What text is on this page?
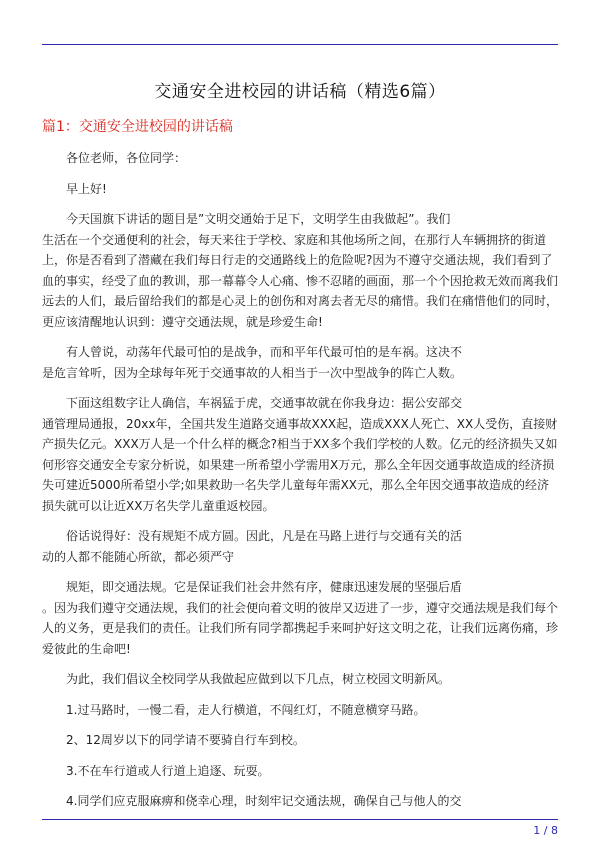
交通安全进校园的讲话稿（精选6篇）
篇1：交通安全进校园的讲话稿

各位老师，各位同学：

早上好!

今天国旗下讲话的题目是”文明交通始于足下，文明学生由我做起”。我们
生活在一个交通便利的社会，每天来往于学校、家庭和其他场所之间，在那行人车辆拥挤的街道上，你是否看到了潜藏在我们每日行走的交通路线上的危险呢?因为不遵守交通法规，我们看到了血的事实，经受了血的教训，那一幕幕令人心痛、惨不忍睹的画面，那一个个因抢救无效而离我们远去的人们，最后留给我们的都是心灵上的创伤和对离去者无尽的痛惜。我们在痛惜他们的同时，更应该清醒地认识到：遵守交通法规，就是珍爱生命!

有人曾说，动荡年代最可怕的是战争，而和平年代最可怕的是车祸。这决不
是危言耸听，因为全球每年死于交通事故的人相当于一次中型战争的阵亡人数。

下面这组数字让人确信，车祸猛于虎，交通事故就在你我身边：据公安部交
通管理局通报，20xx年，全国共发生道路交通事故XXX起，造成XXX人死亡、XX人受伤，直接财产损失亿元。XXX万人是一个什么样的概念?相当于XX多个我们学校的人数。亿元的经济损失又如何形容交通安全专家分析说，如果建一所希望小学需用X万元，那么全年因交通事故造成的经济损失可建近5000所希望小学;如果救助一名失学儿童每年需XX元，那么全年因交通事故造成的经济损失就可以让近XX万名失学儿童重返校园。

俗话说得好：没有规矩不成方圆。因此，凡是在马路上进行与交通有关的活
动的人都不能随心所欲，都必须严守

规矩，即交通法规。它是保证我们社会井然有序，健康迅速发展的坚强后盾
。因为我们遵守交通法规，我们的社会便向着文明的彼岸又迈进了一步，遵守交通法规是我们每个人的义务，更是我们的责任。让我们所有同学都携起手来呵护好这文明之花，让我们远离伤痛，珍爱彼此的生命吧!

为此，我们倡议全校同学从我做起应做到以下几点，树立校园文明新风。

1.过马路时，一慢二看，走人行横道，不闯红灯，不随意横穿马路。

2、12周岁以下的同学请不要骑自行车到校。

3.不在车行道或人行道上追逐、玩耍。

4.同学们应克服麻痹和侥幸心理，时刻牢记交通法规，确保自己与他人的交

1 / 8
